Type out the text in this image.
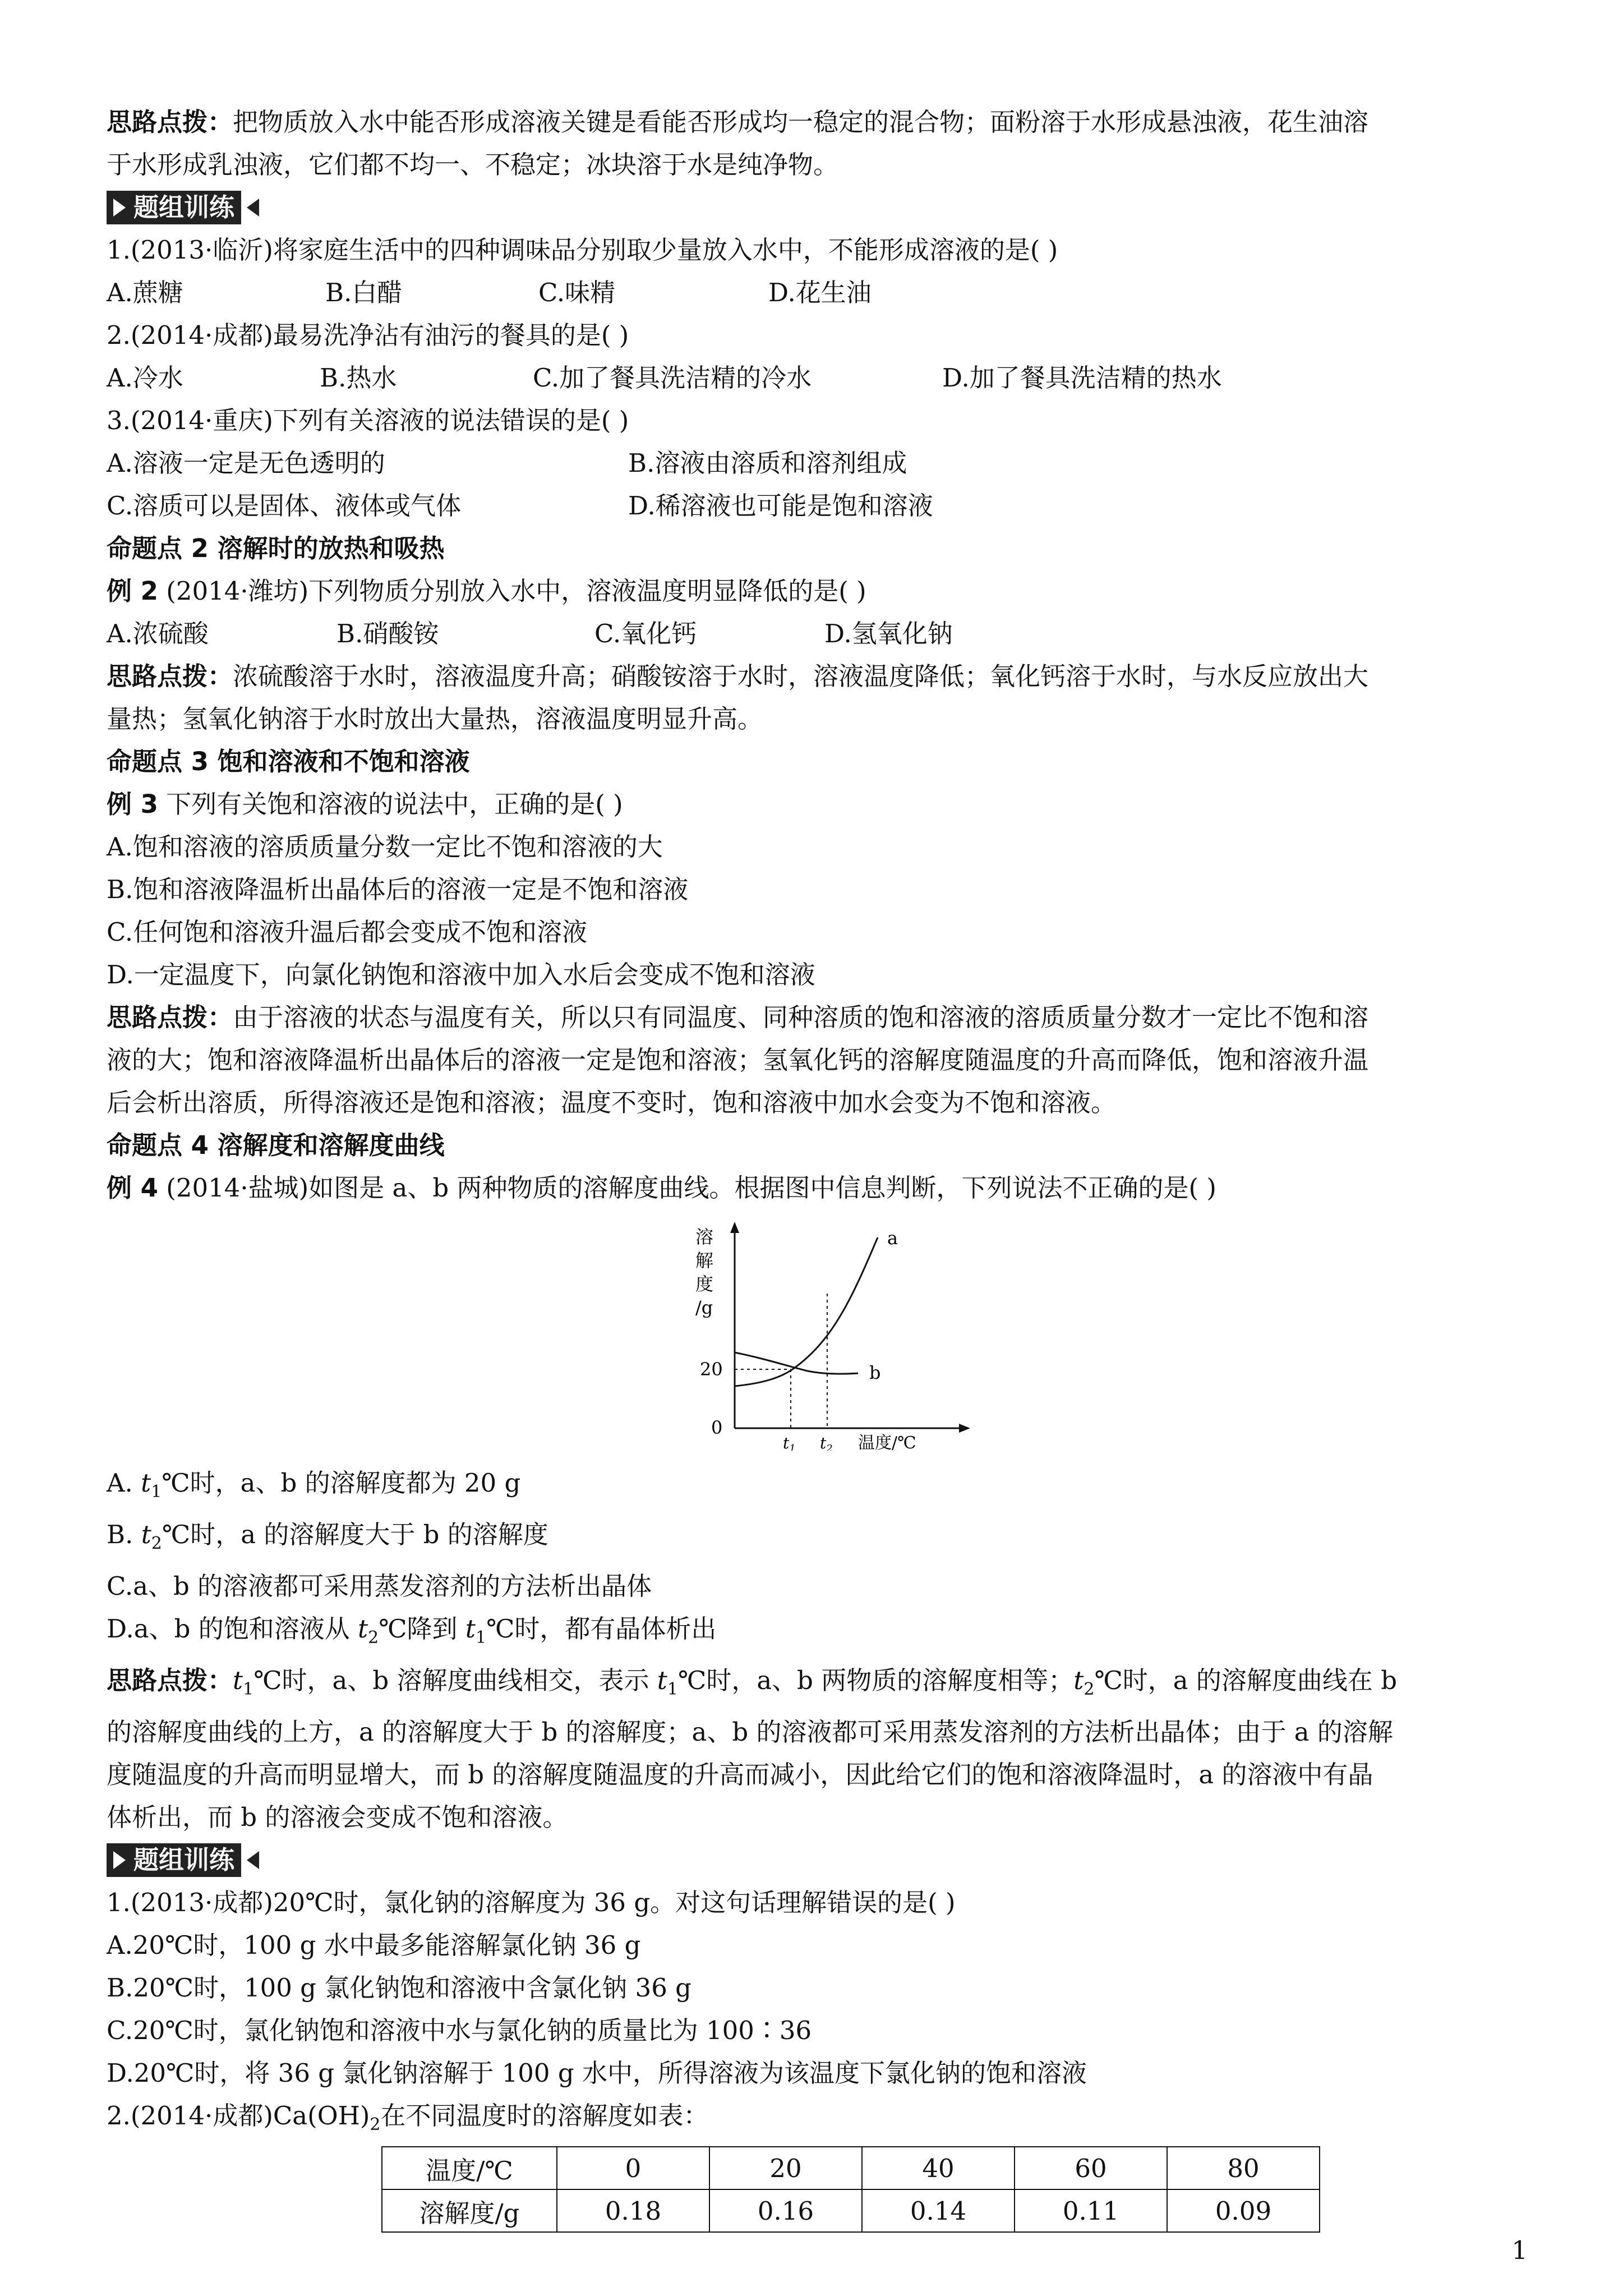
思路点拨：把物质放入水中能否形成溶液关键是看能否形成均一稳定的混合物；面粉溶于水形成悬浊液，花生油溶

于水形成乳浊液，它们都不均一、不稳定；冰块溶于水是纯净物。

题组训练

1.(2013·临沂)将家庭生活中的四种调味品分别取少量放入水中，不能形成溶液的是( )

A.蔗糖	B.白醋	C.味精	D.花生油

2.(2014·成都)最易洗净沾有油污的餐具的是( )

A.冷水	B.热水	C.加了餐具洗洁精的冷水	D.加了餐具洗洁精的热水

3.(2014·重庆)下列有关溶液的说法错误的是( )

A.溶液一定是无色透明的	B.溶液由溶质和溶剂组成
C.溶质可以是固体、液体或气体	D.稀溶液也可能是饱和溶液

命题点 2 溶解时的放热和吸热

例 2 (2014·潍坊)下列物质分别放入水中，溶液温度明显降低的是( )

A.浓硫酸	B.硝酸铵	C.氧化钙	D.氢氧化钠

思路点拨：浓硫酸溶于水时，溶液温度升高；硝酸铵溶于水时，溶液温度降低；氧化钙溶于水时，与水反应放出大

量热；氢氧化钠溶于水时放出大量热，溶液温度明显升高。

命题点 3 饱和溶液和不饱和溶液

例 3 下列有关饱和溶液的说法中，正确的是( )

A.饱和溶液的溶质质量分数一定比不饱和溶液的大

B.饱和溶液降温析出晶体后的溶液一定是不饱和溶液

C.任何饱和溶液升温后都会变成不饱和溶液

D.一定温度下，向氯化钠饱和溶液中加入水后会变成不饱和溶液

思路点拨：由于溶液的状态与温度有关，所以只有同温度、同种溶质的饱和溶液的溶质质量分数才一定比不饱和溶

液的大；饱和溶液降温析出晶体后的溶液一定是饱和溶液；氢氧化钙的溶解度随温度的升高而降低，饱和溶液升温

后会析出溶质，所得溶液还是饱和溶液；温度不变时，饱和溶液中加水会变为不饱和溶液。

命题点 4 溶解度和溶解度曲线

例 4 (2014·盐城)如图是 a、b 两种物质的溶解度曲线。根据图中信息判断，下列说法不正确的是( )

溶
解
度
/g
20
0
a
b
$t_1$ $t_2$ 温度/℃

A. $t_1℃$时，a、b 的溶解度都为 20 g

B. $t_2℃$时，a 的溶解度大于 b 的溶解度

C.a、b 的溶液都可采用蒸发溶剂的方法析出晶体

D.a、b 的饱和溶液从 $t_2℃$降到 $t_1℃$时，都有晶体析出

思路点拨：$t_1℃$时，a、b 溶解度曲线相交，表示 $t_1℃$时，a、b 两物质的溶解度相等；$t_2℃$时，a 的溶解度曲线在 b

的溶解度曲线的上方，a 的溶解度大于 b 的溶解度；a、b 的溶液都可采用蒸发溶剂的方法析出晶体；由于 a 的溶解

度随温度的升高而明显增大，而 b 的溶解度随温度的升高而减小，因此给它们的饱和溶液降温时，a 的溶液中有晶

体析出，而 b 的溶液会变成不饱和溶液。

题组训练

1.(2013·成都)20℃时，氯化钠的溶解度为 36 g。对这句话理解错误的是( )

A.20℃时，100 g 水中最多能溶解氯化钠 36 g

B.20℃时，100 g 氯化钠饱和溶液中含氯化钠 36 g

C.20℃时，氯化钠饱和溶液中水与氯化钠的质量比为 100∶36

D.20℃时，将 36 g 氯化钠溶解于 100 g 水中，所得溶液为该温度下氯化钠的饱和溶液

2.(2014·成都)$Ca(OH)_2$在不同温度时的溶解度如表：

温度/℃	0	20	40	60	80
溶解度/g	0.18	0.16	0.14	0.11	0.09
1
